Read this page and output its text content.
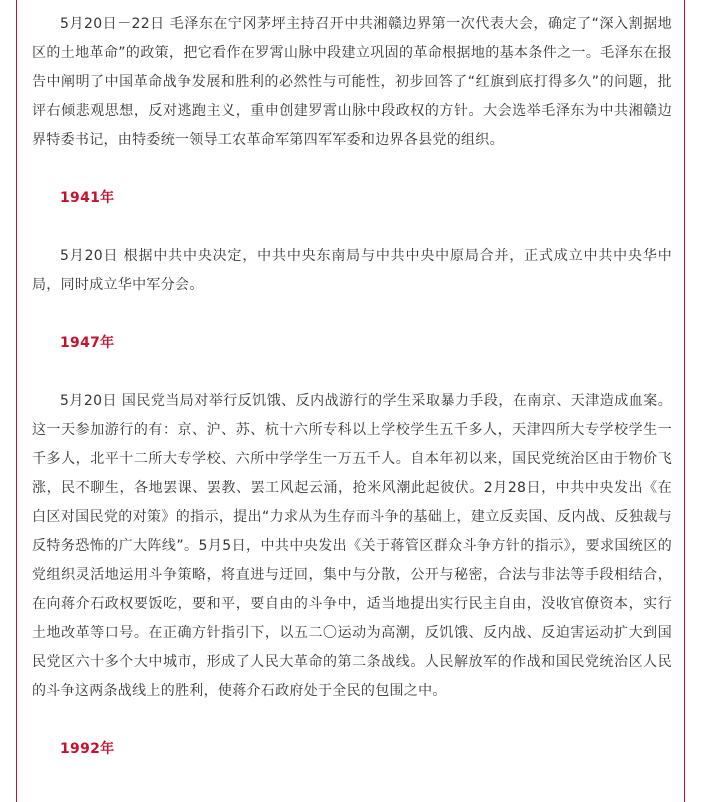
5月20日－22日 毛泽东在宁冈茅坪主持召开中共湘赣边界第一次代表大会，确定了“深入割据地区的土地革命”的政策，把它看作在罗霄山脉中段建立巩固的革命根据地的基本条件之一。毛泽东在报告中阐明了中国革命战争发展和胜利的必然性与可能性，初步回答了“红旗到底打得多久”的问题，批评右倾悲观思想，反对逃跑主义，重申创建罗霄山脉中段政权的方针。大会选举毛泽东为中共湘赣边界特委书记，由特委统一领导工农革命军第四军军委和边界各县党的组织。

1941年

5月20日 根据中共中央决定，中共中央东南局与中共中央中原局合并，正式成立中共中央华中局，同时成立华中军分会。

1947年

5月20日 国民党当局对举行反饥饿、反内战游行的学生采取暴力手段，在南京、天津造成血案。这一天参加游行的有：京、沪、苏、杭十六所专科以上学校学生五千多人，天津四所大专学校学生一千多人，北平十二所大专学校、六所中学学生一万五千人。自本年初以来，国民党统治区由于物价飞涨，民不聊生，各地罢课、罢教、罢工风起云涌，抢米风潮此起彼伏。2月28日，中共中央发出《在白区对国民党的对策》的指示，提出“力求从为生存而斗争的基础上，建立反卖国、反内战、反独裁与反特务恐怖的广大阵线”。5月5日，中共中央发出《关于蒋管区群众斗争方针的指示》，要求国统区的党组织灵活地运用斗争策略，将直进与迂回，集中与分散，公开与秘密，合法与非法等手段相结合，在向蒋介石政权要饭吃，要和平，要自由的斗争中，适当地提出实行民主自由，没收官僚资本，实行土地改革等口号。在正确方针指引下，以五二〇运动为高潮，反饥饿、反内战、反迫害运动扩大到国民党区六十多个大中城市，形成了人民大革命的第二条战线。人民解放军的作战和国民党统治区人民的斗争这两条战线上的胜利，使蒋介石政府处于全民的包围之中。

1992年
